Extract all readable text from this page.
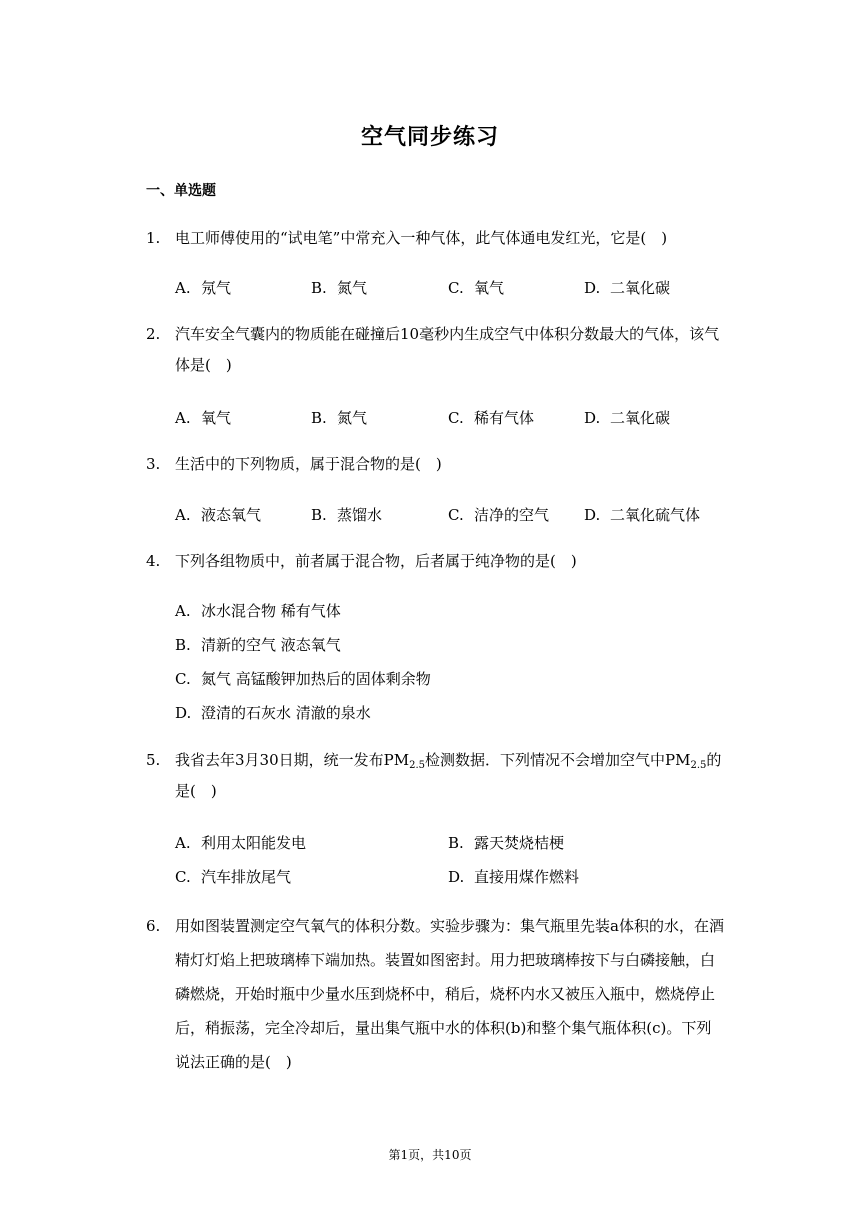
空气同步练习
一、单选题
1. 电工师傅使用的“试电笔”中常充入一种气体，此气体通电发红光，它是(　)
A. 氖气	B. 氮气	C. 氧气	D. 二氧化碳
2. 汽车安全气囊内的物质能在碰撞后10毫秒内生成空气中体积分数最大的气体，该气体是(　)
A. 氧气	B. 氮气	C. 稀有气体	D. 二氧化碳
3. 生活中的下列物质，属于混合物的是(　)
A. 液态氧气	B. 蒸馏水	C. 洁净的空气 D. 二氧化硫气体
4. 下列各组物质中，前者属于混合物，后者属于纯净物的是(　)
A. 冰水混合物 稀有气体
B. 清新的空气 液态氧气
C. 氮气 高锰酸钾加热后的固体剩余物
D. 澄清的石灰水 清澈的泉水
5. 我省去年3月30日期，统一发布$PM_{2.5}$检测数据．下列情况不会增加空气中$PM_{2.5}$的是(　)
A. 利用太阳能发电	B. 露天焚烧桔梗
C. 汽车排放尾气	D. 直接用煤作燃料
6. 用如图装置测定空气氧气的体积分数。实验步骤为：集气瓶里先装a体积的水，在酒精灯灯焰上把玻璃棒下端加热。装置如图密封。用力把玻璃棒按下与白磷接触，白磷燃烧，开始时瓶中少量水压到烧杯中，稍后，烧杯内水又被压入瓶中，燃烧停止后，稍振荡，完全冷却后，量出集气瓶中水的体积(b)和整个集气瓶体积(c)。下列说法正确的是(　)
第1页，共10页
